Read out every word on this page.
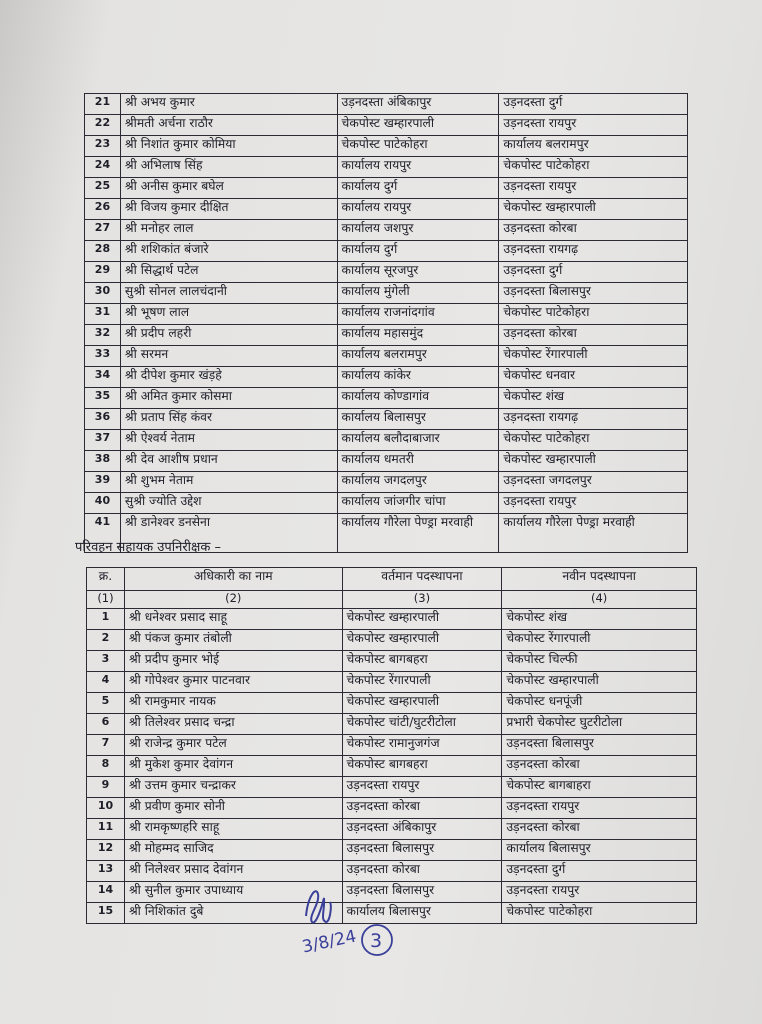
21	श्री अभय कुमार	उड़नदस्ता अंबिकापुर	उड़नदस्ता दुर्ग
22	श्रीमती अर्चना राठौर	चेकपोस्ट खम्हारपाली	उड़नदस्ता रायपुर
23	श्री निशांत कुमार कोमिया	चेकपोस्ट पाटेकोहरा	कार्यालय बलरामपुर
24	श्री अभिलाष सिंह	कार्यालय रायपुर	चेकपोस्ट पाटेकोहरा
25	श्री अनीस कुमार बघेल	कार्यालय दुर्ग	उड़नदस्ता रायपुर
26	श्री विजय कुमार दीक्षित	कार्यालय रायपुर	चेकपोस्ट खम्हारपाली
27	श्री मनोहर लाल	कार्यालय जशपुर	उड़नदस्ता कोरबा
28	श्री शशिकांत बंजारे	कार्यालय दुर्ग	उड़नदस्ता रायगढ़
29	श्री सिद्धार्थ पटेल	कार्यालय सूरजपुर	उड़नदस्ता दुर्ग
30	सुश्री सोनल लालचंदानी	कार्यालय मुंगेली	उड़नदस्ता बिलासपुर
31	श्री भूषण लाल	कार्यालय राजनांदगांव	चेकपोस्ट पाटेकोहरा
32	श्री प्रदीप लहरी	कार्यालय महासमुंद	उड़नदस्ता कोरबा
33	श्री सरमन	कार्यालय बलरामपुर	चेकपोस्ट रेंगारपाली
34	श्री दीपेश कुमार खंड़हे	कार्यालय कांकेर	चेकपोस्ट धनवार
35	श्री अमित कुमार कोसमा	कार्यालय कोण्डागांव	चेकपोस्ट शंख
36	श्री प्रताप सिंह कंवर	कार्यालय बिलासपुर	उड़नदस्ता रायगढ़
37	श्री ऐश्वर्य नेताम	कार्यालय बलौदाबाजार	चेकपोस्ट पाटेकोहरा
38	श्री देव आशीष प्रधान	कार्यालय धमतरी	चेकपोस्ट खम्हारपाली
39	श्री शुभम नेताम	कार्यालय जगदलपुर	उड़नदस्ता जगदलपुर
40	सुश्री ज्योति उद्देश	कार्यालय जांजगीर चांपा	उड़नदस्ता रायपुर
41	श्री डानेश्वर डनसेना	कार्यालय गौरेला पेण्ड्रा मरवाही	कार्यालय गौरेला पेण्ड्रा मरवाही
परिवहन सहायक उपनिरीक्षक –
क्र.	अधिकारी का नाम	वर्तमान पदस्थापना	नवीन पदस्थापना
(1)	(2)	(3)	(4)
1	श्री धनेश्वर प्रसाद साहू	चेकपोस्ट खम्हारपाली	चेकपोस्ट शंख
2	श्री पंकज कुमार तंबोली	चेकपोस्ट खम्हारपाली	चेकपोस्ट रेंगारपाली
3	श्री प्रदीप कुमार भोई	चेकपोस्ट बागबहरा	चेकपोस्ट चिल्फी
4	श्री गोपेश्वर कुमार पाटनवार	चेकपोस्ट रेंगारपाली	चेकपोस्ट खम्हारपाली
5	श्री रामकुमार नायक	चेकपोस्ट खम्हारपाली	चेकपोस्ट धनपूंजी
6	श्री तिलेश्वर प्रसाद चन्द्रा	चेकपोस्ट चांटी/घुटरीटोला	प्रभारी चेकपोस्ट घुटरीटोला
7	श्री राजेन्द्र कुमार पटेल	चेकपोस्ट रामानुजगंज	उड़नदस्ता बिलासपुर
8	श्री मुकेश कुमार देवांगन	चेकपोस्ट बागबहरा	उड़नदस्ता कोरबा
9	श्री उत्तम कुमार चन्द्राकर	उड़नदस्ता रायपुर	चेकपोस्ट बागबाहरा
10	श्री प्रवीण कुमार सोनी	उड़नदस्ता कोरबा	उड़नदस्ता रायपुर
11	श्री रामकृष्णहरि साहू	उड़नदस्ता अंबिकापुर	उड़नदस्ता कोरबा
12	श्री मोहम्मद साजिद	उड़नदस्ता बिलासपुर	कार्यालय बिलासपुर
13	श्री निलेश्वर प्रसाद देवांगन	उड़नदस्ता कोरबा	उड़नदस्ता दुर्ग
14	श्री सुनील कुमार उपाध्याय	उड़नदस्ता बिलासपुर	उड़नदस्ता रायपुर
15	श्री निशिकांत दुबे	कार्यालय बिलासपुर	चेकपोस्ट पाटेकोहरा
3/8/24 3
